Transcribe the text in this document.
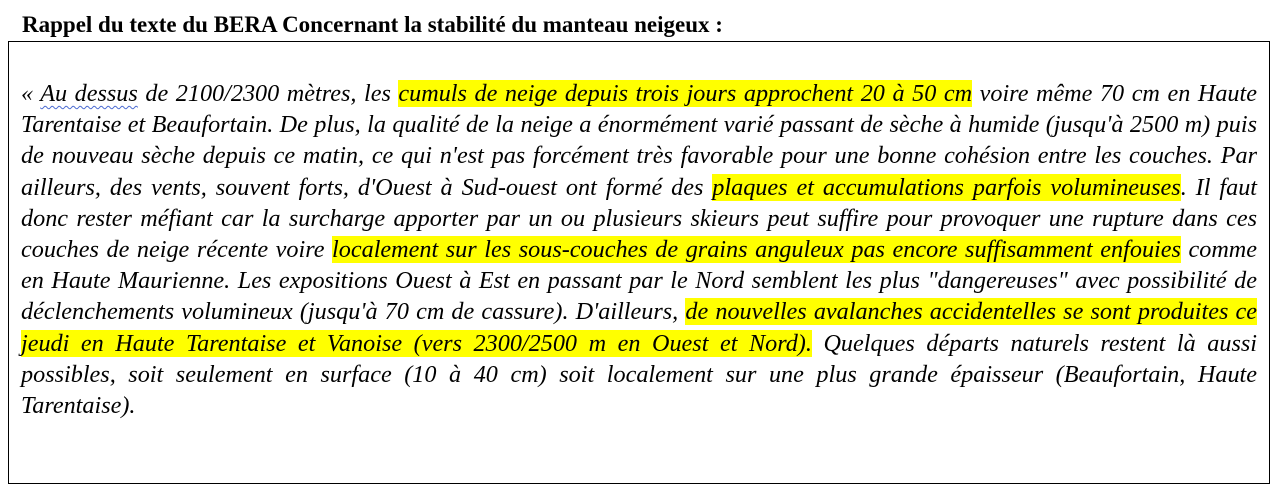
Rappel du texte du BERA Concernant la stabilité du manteau neigeux :

« Au dessus de 2100/2300 mètres, les cumuls de neige depuis trois jours approchent 20 à 50 cm voire même 70 cm en Haute Tarentaise et Beaufortain. De plus, la qualité de la neige a énormément varié passant de sèche à humide (jusqu'à 2500 m) puis de nouveau sèche depuis ce matin, ce qui n'est pas forcément très favorable pour une bonne cohésion entre les couches. Par ailleurs, des vents, souvent forts, d'Ouest à Sud-ouest ont formé des plaques et accumulations parfois volumineuses. Il faut donc rester méfiant car la surcharge apporter par un ou plusieurs skieurs peut suffire pour provoquer une rupture dans ces couches de neige récente voire localement sur les sous-couches de grains anguleux pas encore suffisamment enfouies comme en Haute Maurienne. Les expositions Ouest à Est en passant par le Nord semblent les plus "dangereuses" avec possibilité de déclenchements volumineux (jusqu'à 70 cm de cassure). D'ailleurs, de nouvelles avalanches accidentelles se sont produites ce jeudi en Haute Tarentaise et Vanoise (vers 2300/2500 m en Ouest et Nord). Quelques départs naturels restent là aussi possibles, soit seulement en surface (10 à 40 cm) soit localement sur une plus grande épaisseur (Beaufortain, Haute Tarentaise).
